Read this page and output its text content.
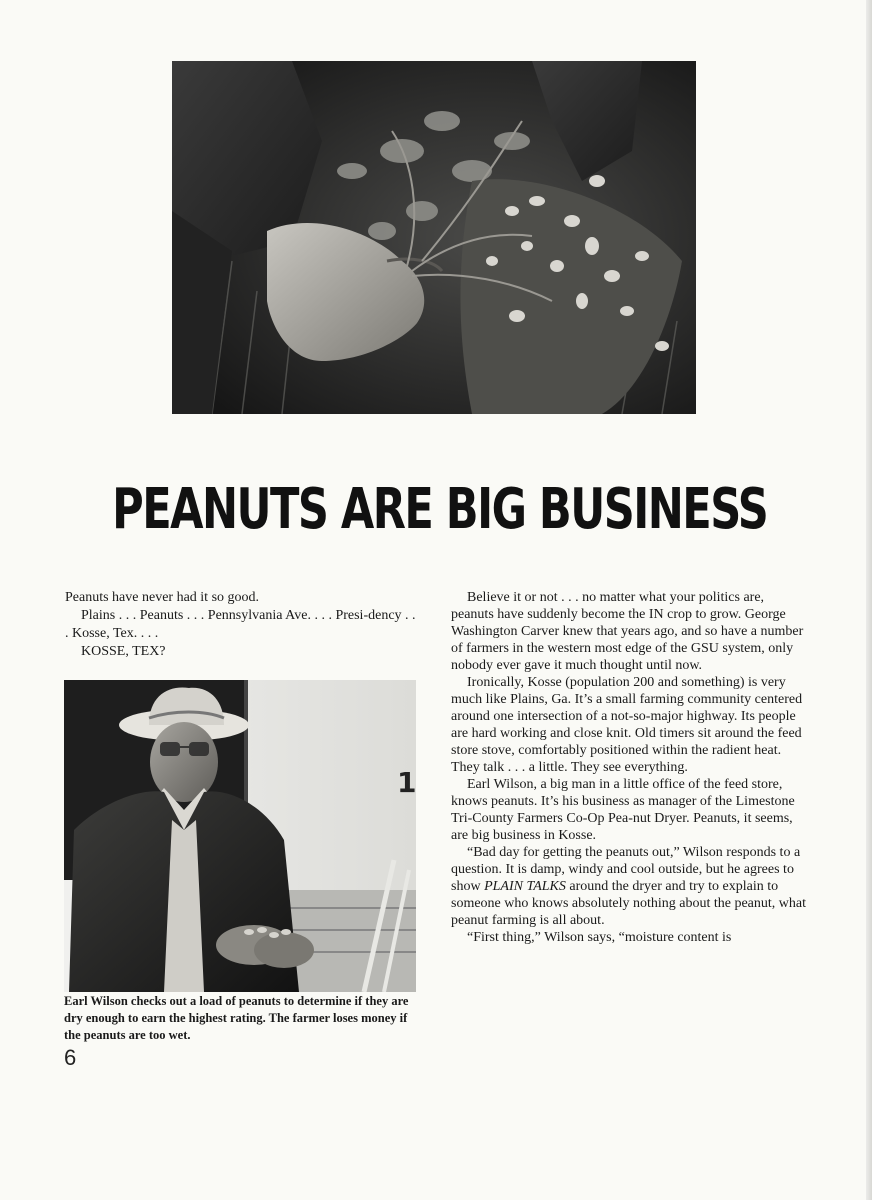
PEANUTS ARE BIG BUSINESS

Peanuts have never had it so good.

Plains . . . Peanuts . . . Pennsylvania Ave. . . . Presi-dency . . . Kosse, Tex. . . .

KOSSE, TEX?

1
Earl Wilson checks out a load of peanuts to determine if they are dry enough to earn the highest rating. The farmer loses money if the peanuts are too wet.

Believe it or not . . . no matter what your politics are, peanuts have suddenly become the IN crop to grow. George Washington Carver knew that years ago, and so have a number of farmers in the western most edge of the GSU system, only nobody ever gave it much thought until now.

Ironically, Kosse (population 200 and something) is very much like Plains, Ga. It’s a small farming community centered around one intersection of a not-so-major highway. Its people are hard working and close knit. Old timers sit around the feed store stove, comfortably positioned within the radient heat. They talk . . . a little. They see everything.

Earl Wilson, a big man in a little office of the feed store, knows peanuts. It’s his business as manager of the Limestone Tri-County Farmers Co-Op Pea-nut Dryer. Peanuts, it seems, are big business in Kosse.

“Bad day for getting the peanuts out,” Wilson responds to a question. It is damp, windy and cool outside, but he agrees to show PLAIN TALKS around the dryer and try to explain to someone who knows absolutely nothing about the peanut, what peanut farming is all about.

“First thing,” Wilson says, “moisture content is

6
